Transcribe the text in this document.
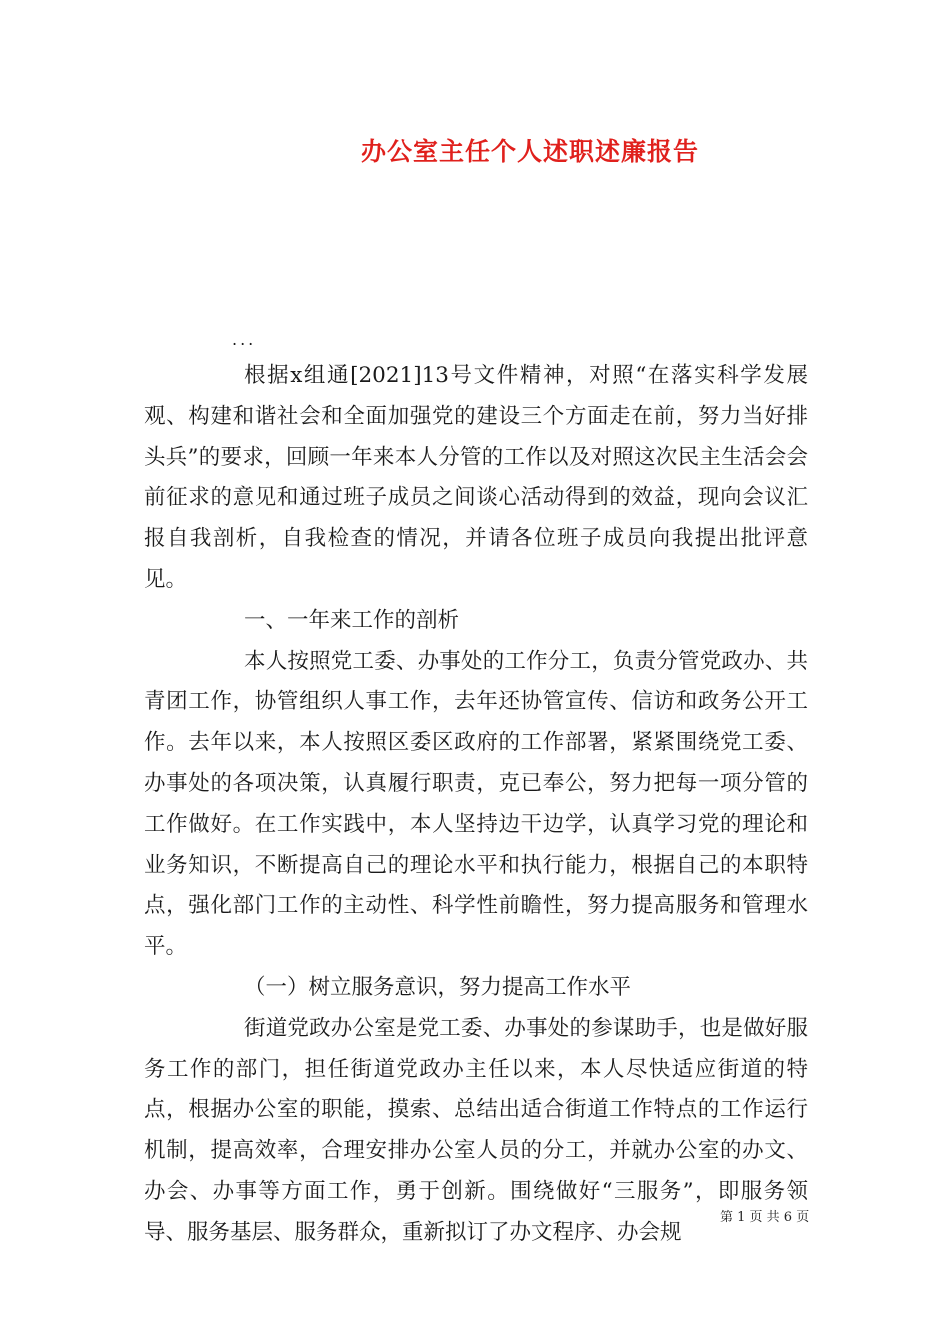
办公室主任个人述职述廉报告
...

根据x组通[2021]13号文件精神，对照“在落实科学发展观、构建和谐社会和全面加强党的建设三个方面走在前，努力当好排头兵”的要求，回顾一年来本人分管的工作以及对照这次民主生活会会前征求的意见和通过班子成员之间谈心活动得到的效益，现向会议汇报自我剖析，自我检查的情况，并请各位班子成员向我提出批评意见。

一、一年来工作的剖析

本人按照党工委、办事处的工作分工，负责分管党政办、共青团工作，协管组织人事工作，去年还协管宣传、信访和政务公开工作。去年以来，本人按照区委区政府的工作部署，紧紧围绕党工委、办事处的各项决策，认真履行职责，克已奉公，努力把每一项分管的工作做好。在工作实践中，本人坚持边干边学，认真学习党的理论和业务知识，不断提高自己的理论水平和执行能力，根据自己的本职特点，强化部门工作的主动性、科学性前瞻性，努力提高服务和管理水平。

（一）树立服务意识，努力提高工作水平

街道党政办公室是党工委、办事处的参谋助手，也是做好服务工作的部门，担任街道党政办主任以来，本人尽快适应街道的特点，根据办公室的职能，摸索、总结出适合街道工作特点的工作运行机制，提高效率，合理安排办公室人员的分工，并就办公室的办文、办会、办事等方面工作，勇于创新。围绕做好“三服务”，即服务领导、服务基层、服务群众，重新拟订了办文程序、办会规

第 1 页 共 6 页
